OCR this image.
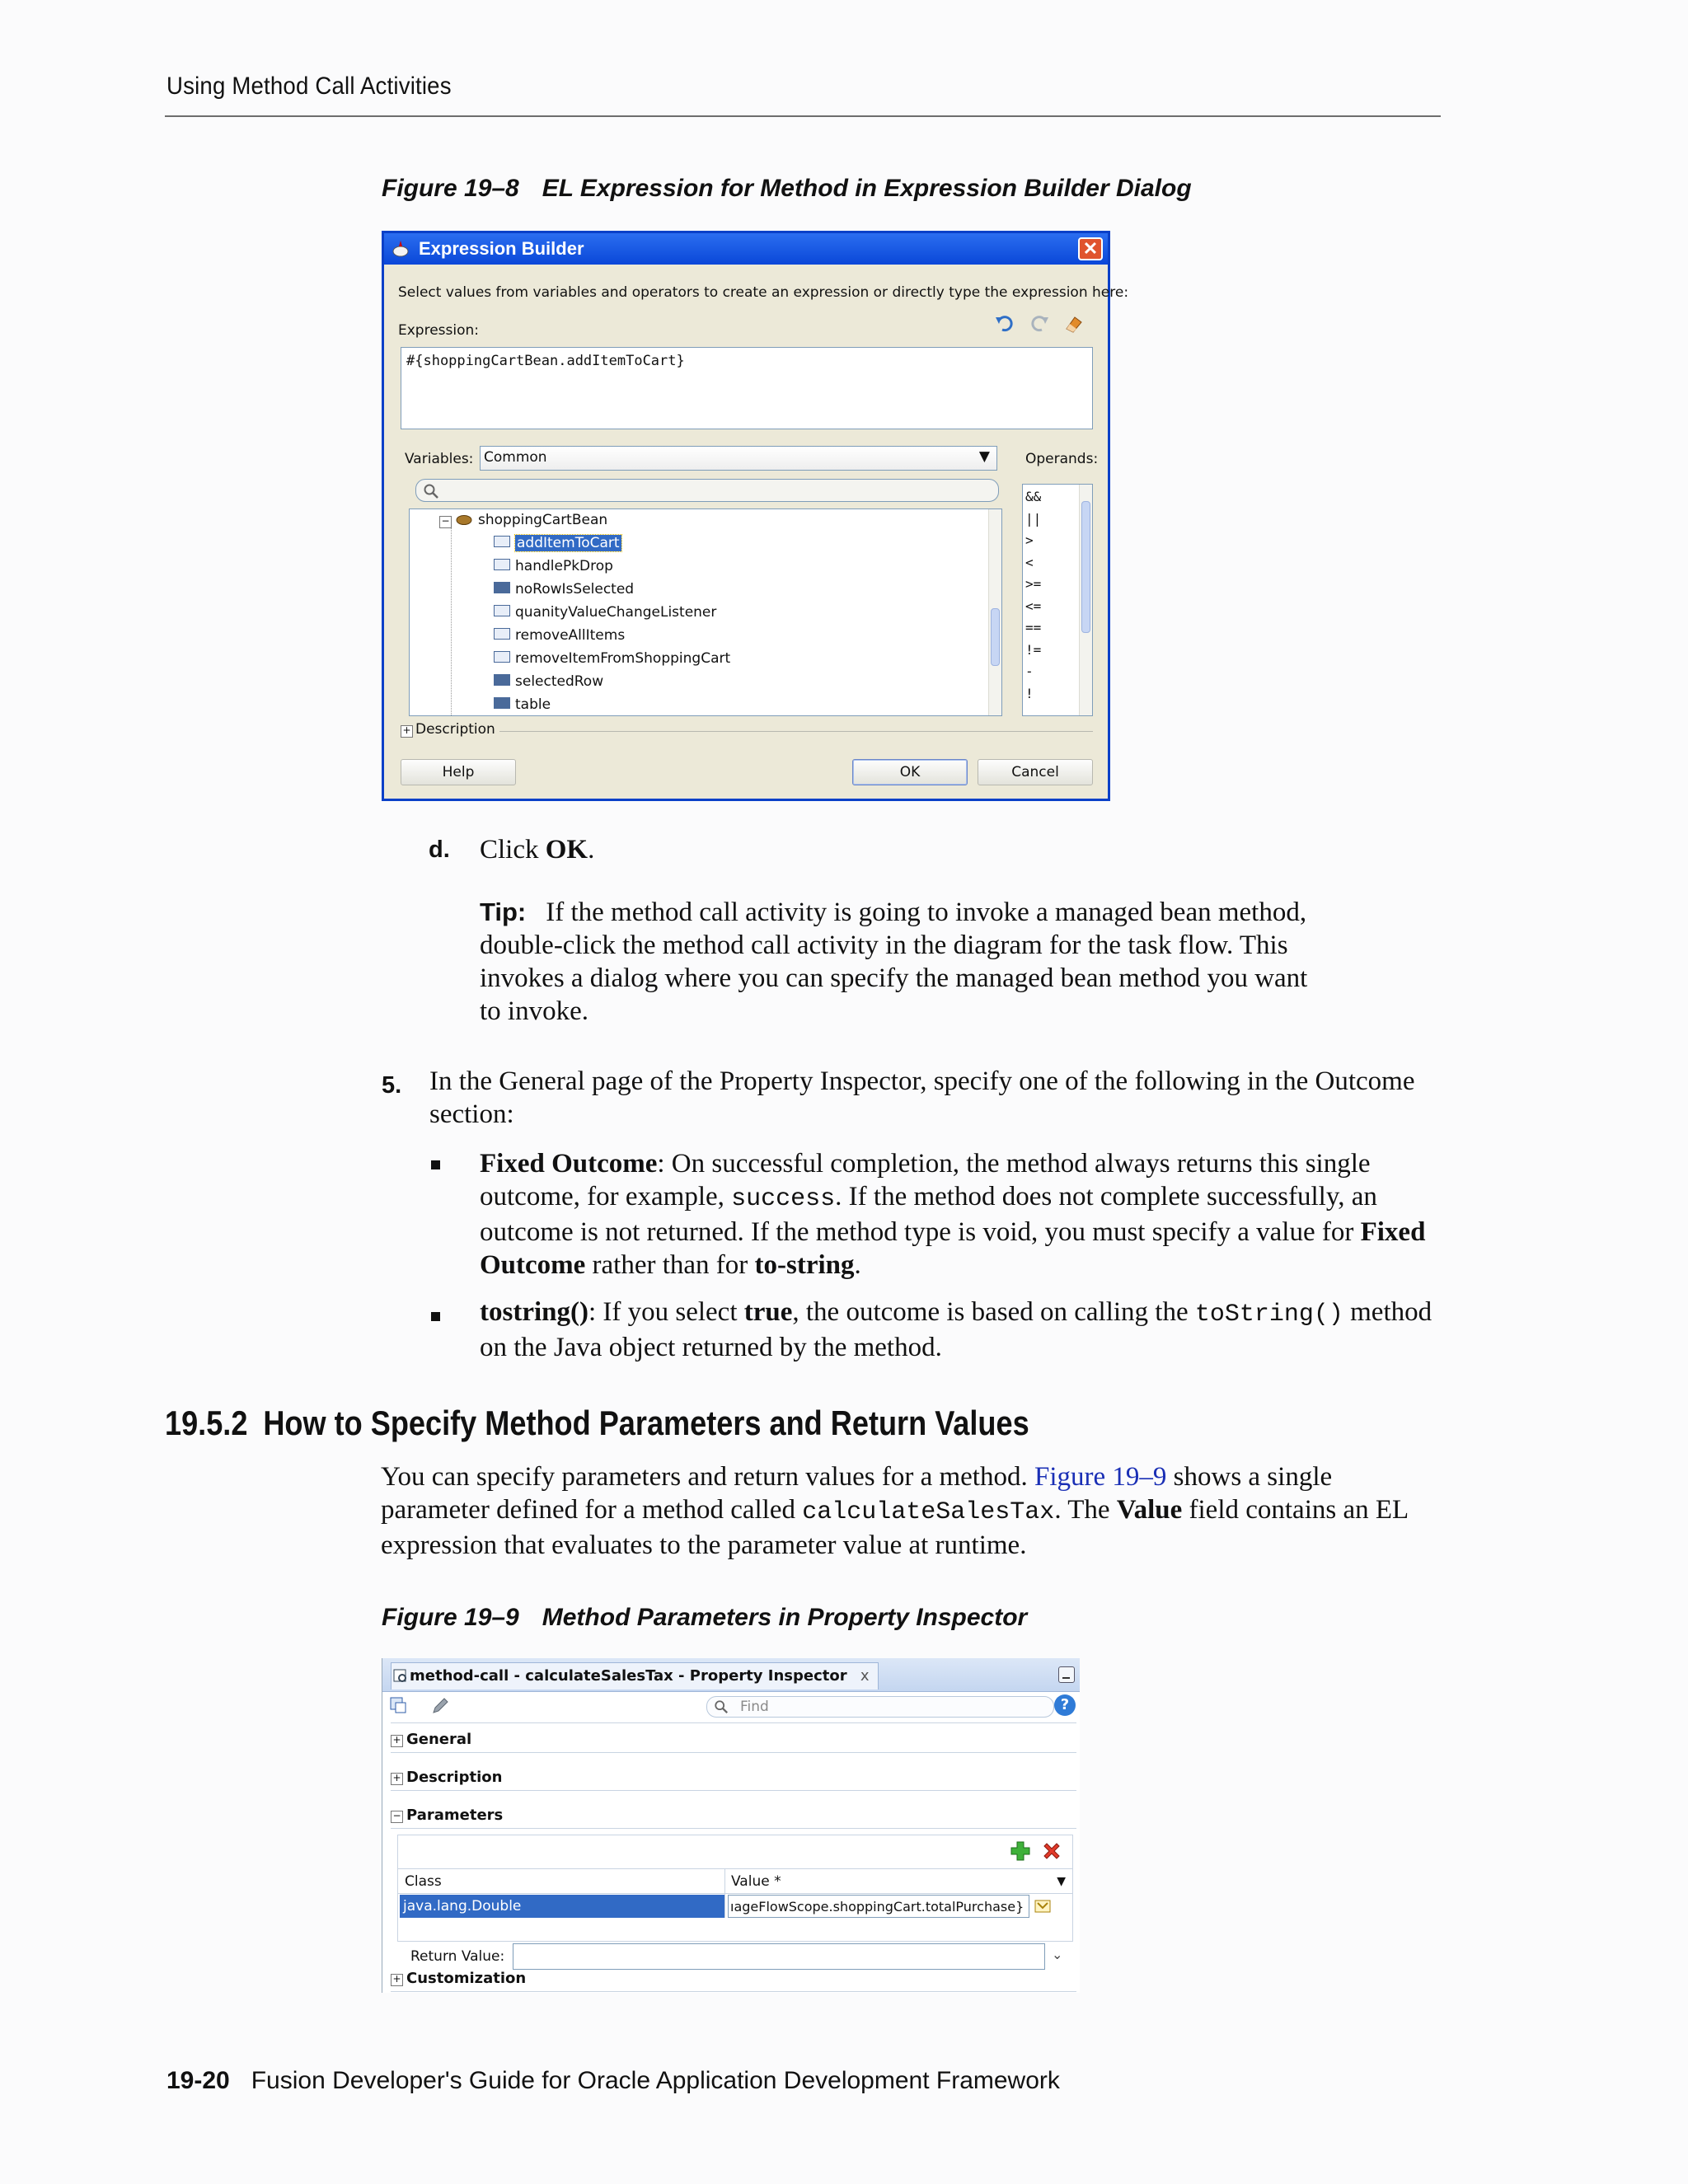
Using Method Call Activities
Figure 19–8 EL Expression for Method in Expression Builder Dialog
Expression Builder	✕
Select values from variables and operators to create an expression or directly type the expression here:
Expression:
#{shoppingCartBean.addItemToCart}
Variables: Common	▼	Operands:
− shoppingCartBean
addItemToCart
handlePkDrop
noRowIsSelected
quanityValueChangeListener
removeAllItems
removeItemFromShoppingCart
selectedRow
table
&&
||
>
<
>=
<=
==
!=
-
!
+ Description
Help	OK	Cancel
d. Click OK.
Tip: If the method call activity is going to invoke a managed bean method, double-click the method call activity in the diagram for the task flow. This invokes a dialog where you can specify the managed bean method you want to invoke.
5. In the General page of the Property Inspector, specify one of the following in the Outcome section:
Fixed Outcome: On successful completion, the method always returns this single outcome, for example, success. If the method does not complete successfully, an outcome is not returned. If the method type is void, you must specify a value for Fixed Outcome rather than for to-string.
tostring(): If you select true, the outcome is based on calling the toString() method on the Java object returned by the method.
19.5.2 How to Specify Method Parameters and Return Values
You can specify parameters and return values for a method. Figure 19–9 shows a single parameter defined for a method called calculateSalesTax. The Value field contains an EL expression that evaluates to the parameter value at runtime.
Figure 19–9 Method Parameters in Property Inspector
method-call - calculateSalesTax - Property Inspector x
Find	?
+ General
+ Description
− Parameters
Class	Value *	▼
java.lang.Double	ıageFlowScope.shoppingCart.totalPurchase}
Return Value:	⌄
+ Customization
19-20 Fusion Developer's Guide for Oracle Application Development Framework
